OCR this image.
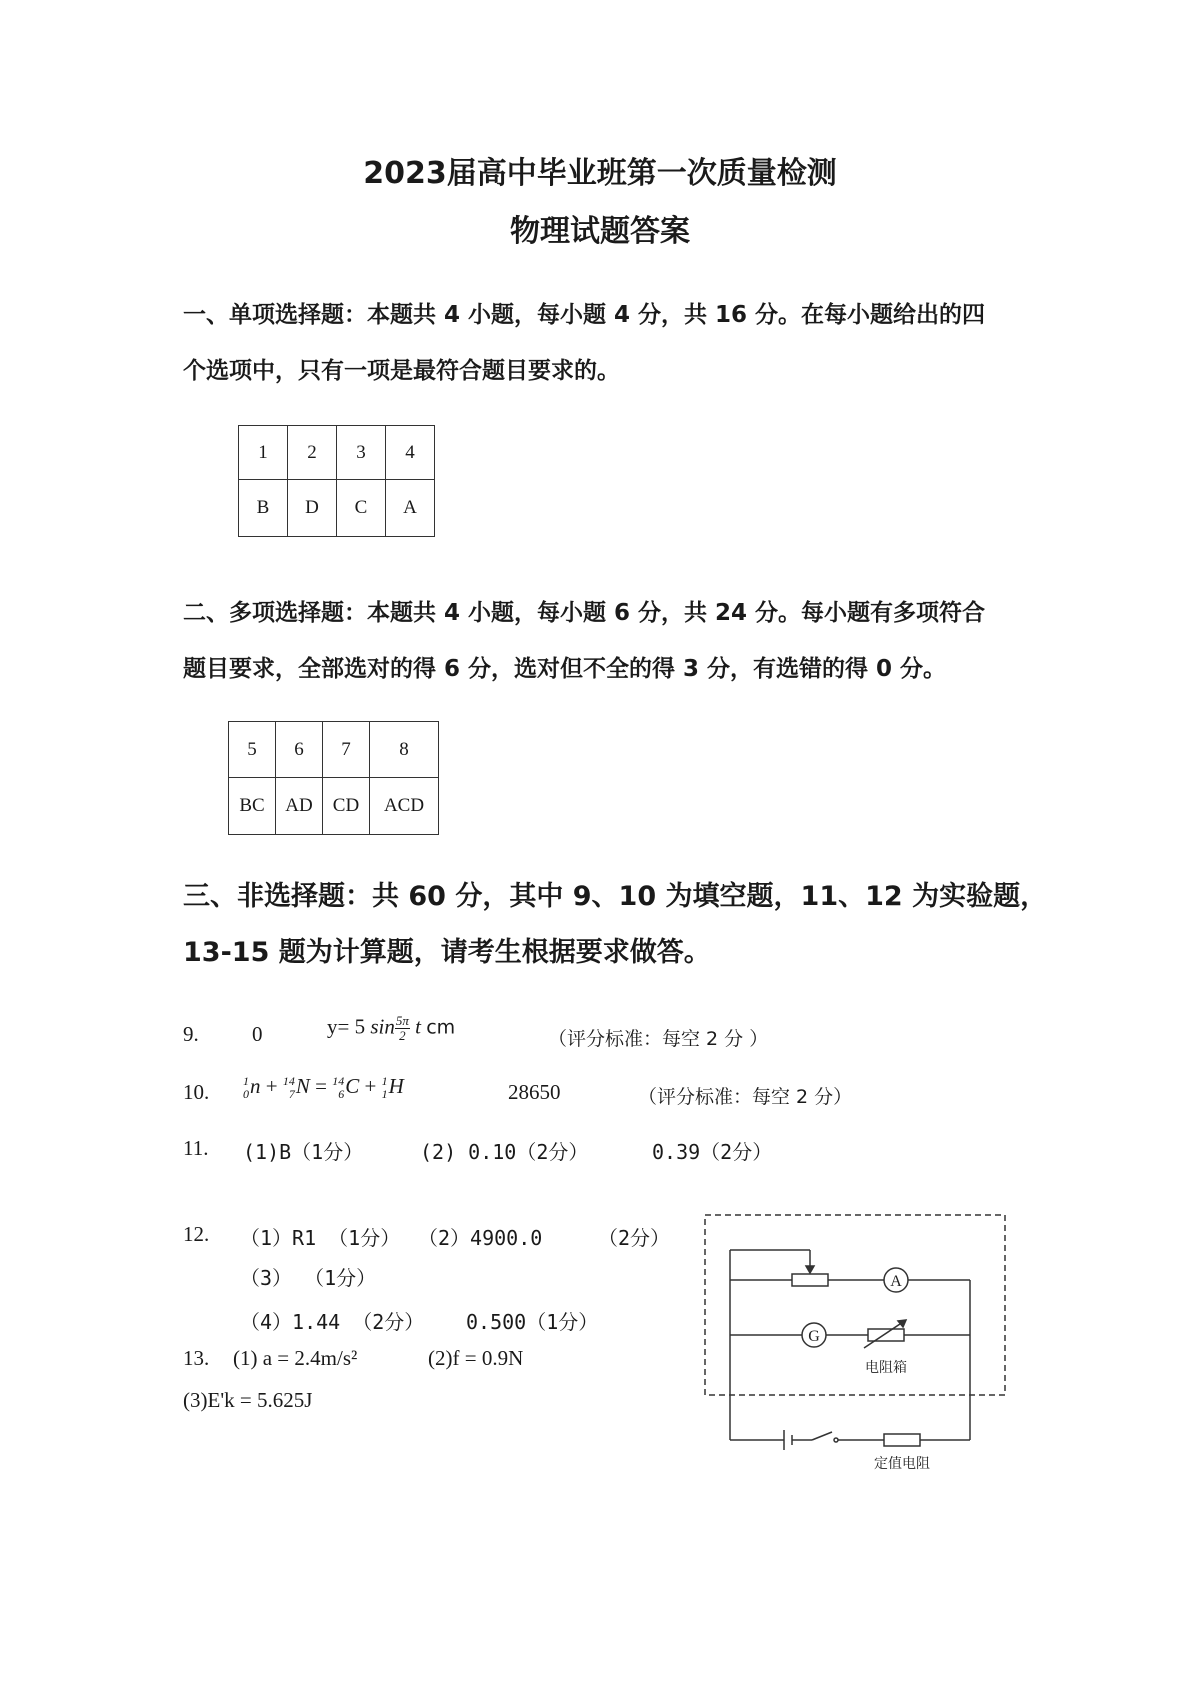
2023届高中毕业班第一次质量检测
物理试题答案
一、单项选择题：本题共 4 小题，每小题 4 分，共 16 分。在每小题给出的四
个选项中，只有一项是最符合题目要求的。
1	2	3	4
B	D	C	A
二、多项选择题：本题共 4 小题，每小题 6 分，共 24 分。每小题有多项符合
题目要求，全部选对的得 6 分，选对但不全的得 3 分，有选错的得 0 分。
5	6	7	8
BC	AD	CD	ACD
三、非选择题：共 60 分，其中 9、10 为填空题，11、12 为实验题，
13-15 题为计算题，请考生根据要求做答。
9.	0	y= 5 $\sin \frac{5\pi}{2}$ t cm
（评分标准：每空 2 分 ）
10.	1
0 n + 14
7 N = 14
6 C + 1
1 H	28650	（评分标准：每空 2 分）
11. (1)B（1分）	(2) 0.10（2分）	0.39（2分）
12. （1）R1 （1分） （2）4900.0	（2分）
（3） （1分）
（4）1.44 （2分） 0.500（1分）
13. (1) a = 2.4m/s²	(2)f = 0.9N
(3)E'k = 5.625J
A
G
电阻箱
定值电阻
